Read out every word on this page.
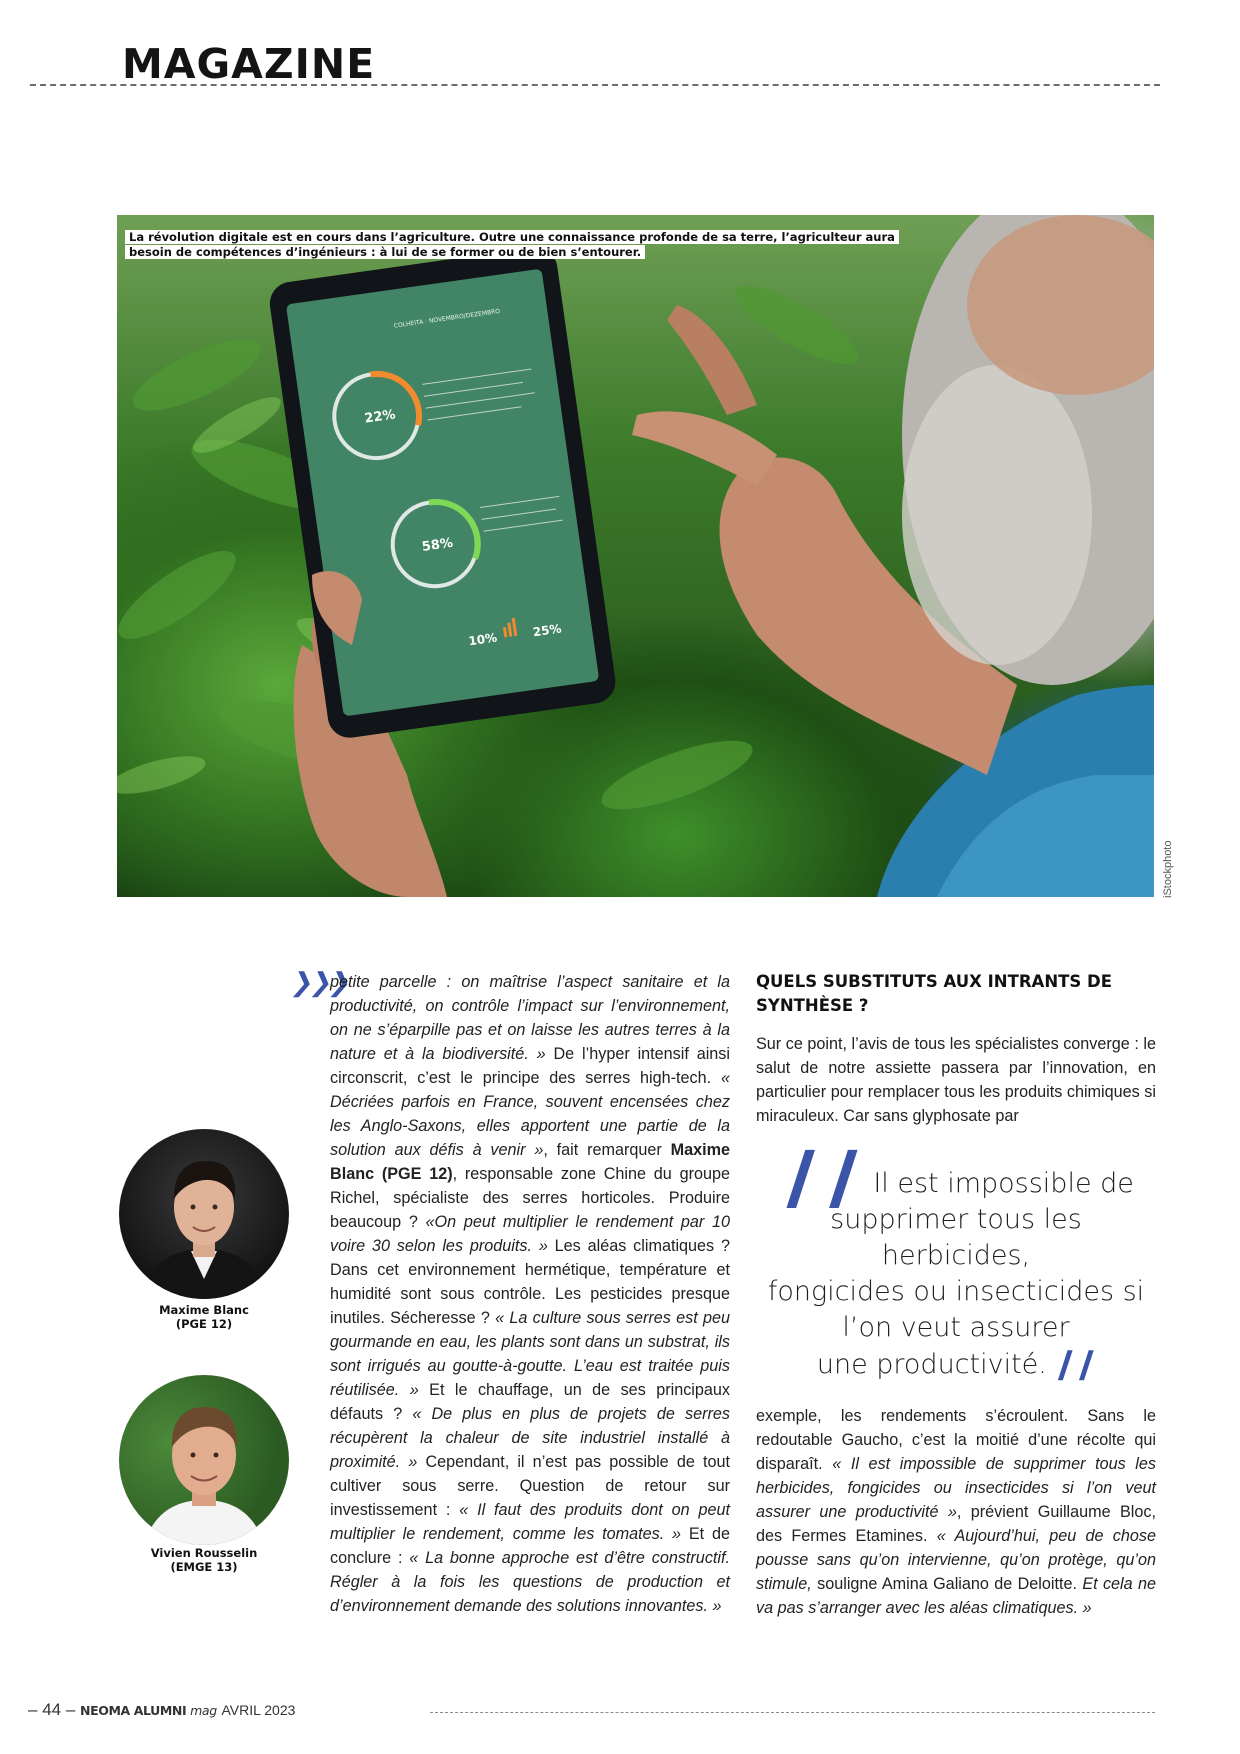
MAGAZINE
COLHEITA · NOVEMBRO/DEZEMBRO
22%
58%
10%
25%
La révolution digitale est en cours dans l’agriculture. Outre une connaissance profonde de sa terre, l’agriculteur aura
besoin de compétences d’ingénieurs : à lui de se former ou de bien s’entourer.
iStockphoto
Maxime Blanc
(PGE 12)
Vivien Rousselin
(EMGE 13)
❯❯❯

petite parcelle : on maîtrise l’aspect sanitaire et la productivité, on contrôle l’impact sur l’environnement, on ne s’éparpille pas et on laisse les autres terres à la nature et à la biodiversité. » De l’hyper intensif ainsi circonscrit, c’est le principe des serres high-tech. « Décriées parfois en France, souvent encensées chez les Anglo-Saxons, elles apportent une partie de la solution aux défis à venir », fait remarquer Maxime Blanc (PGE 12), responsable zone Chine du groupe Richel, spécialiste des serres horticoles. Produire beaucoup ? «On peut multiplier le rendement par 10 voire 30 selon les produits. » Les aléas climatiques ? Dans cet environnement hermétique, température et humidité sont sous contrôle. Les pesticides presque inutiles. Sécheresse ? « La culture sous serres est peu gourmande en eau, les plants sont dans un substrat, ils sont irrigués au goutte-à-goutte. L’eau est traitée puis réutilisée. » Et le chauffage, un de ses principaux défauts ? « De plus en plus de projets de serres récupèrent la chaleur de site industriel installé à proximité. » Cependant, il n’est pas possible de tout cultiver sous serre. Question de retour sur investissement : « Il faut des produits dont on peut multiplier le rendement, comme les tomates. » Et de conclure : « La bonne approche est d’être constructif. Régler à la fois les questions de production et d’environnement demande des solutions innovantes. »

QUELS SUBSTITUTS AUX INTRANTS DE SYNTHÈSE ?

Sur ce point, l’avis de tous les spécialistes converge : le salut de notre assiette passera par l’innovation, en particulier pour remplacer tous les produits chimiques si miraculeux. Car sans glyphosate par

❙❙Il est impossible de
supprimer tous les herbicides,
fongicides ou insecticides si
l’on veut assurer
une productivité.❙❙

exemple, les rendements s’écroulent. Sans le redoutable Gaucho, c’est la moitié d’une récolte qui disparaît. « Il est impossible de supprimer tous les herbicides, fongicides ou insecticides si l’on veut assurer une productivité », prévient Guillaume Bloc, des Fermes Etamines. « Aujourd’hui, peu de chose pousse sans qu’on intervienne, qu’on protège, qu’on stimule, souligne Amina Galiano de Deloitte. Et cela ne va pas s’arranger avec les aléas climatiques. »

– 44 – NEOMA ALUMNI mag AVRIL 2023
